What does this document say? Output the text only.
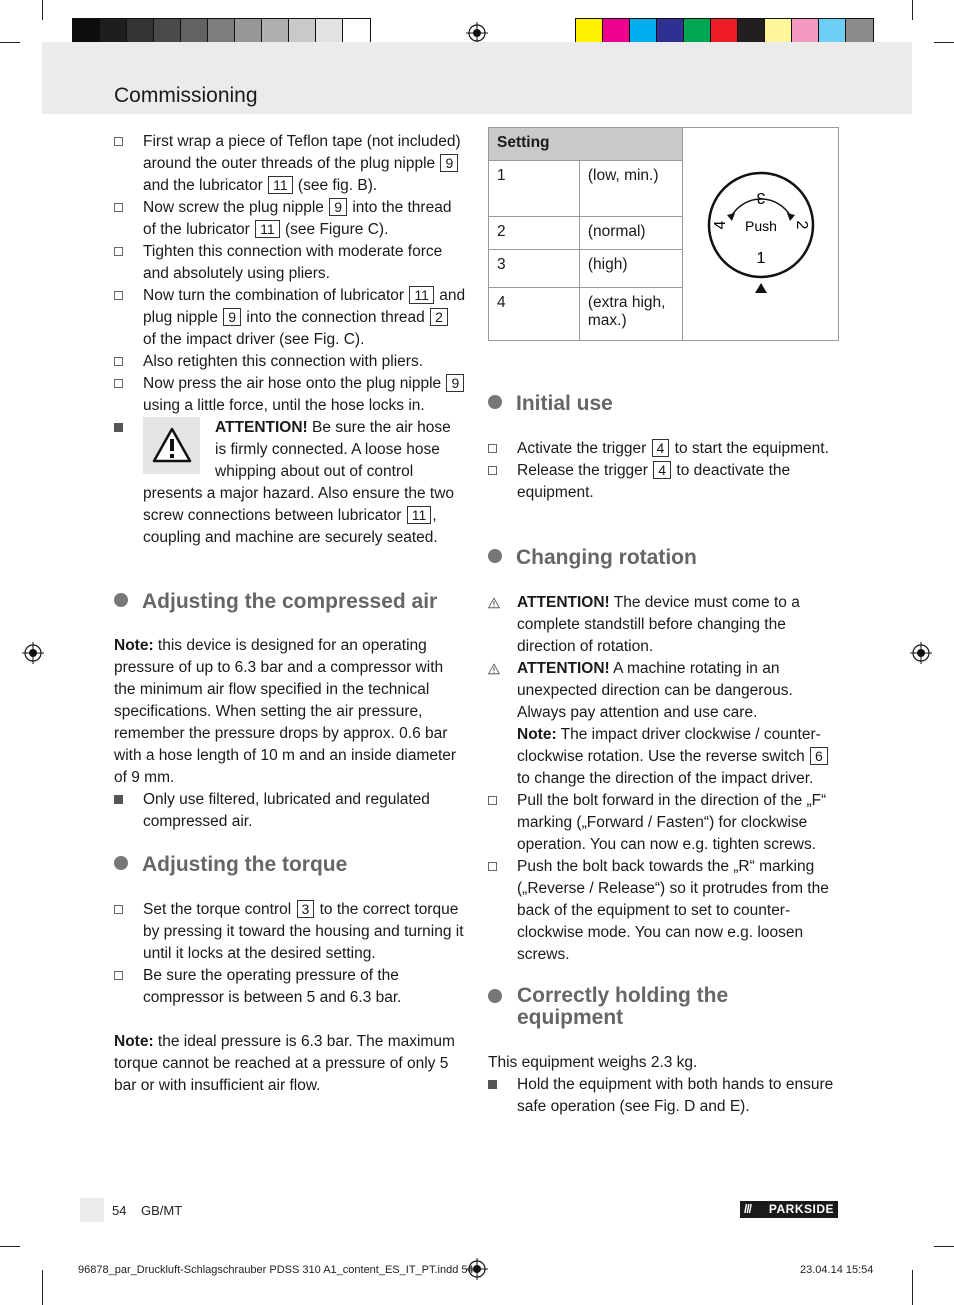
Commissioning
First wrap a piece of Teflon tape (not included) around the outer threads of the plug nipple 9 and the lubricator 11 (see fig. B).
Now screw the plug nipple 9 into the thread of the lubricator 11 (see Figure C).
Tighten this connection with moderate force and absolutely using pliers.
Now turn the combination of lubricator 11 and plug nipple 9 into the connection thread 2 of the impact driver (see Fig. C).
Also retighten this connection with pliers.
Now press the air hose onto the plug nipple 9 using a little force, until the hose locks in.
ATTENTION! Be sure the air hose is firmly connected. A loose hose whipping about out of control presents a major hazard. Also ensure the two screw connections between lubricator 11 , coupling and machine are securely seated.
Adjusting the compressed air

Note: this device is designed for an operating pressure of up to 6.3 bar and a compressor with the minimum air flow specified in the technical specifications. When setting the air pressure, remember the pressure drops by approx. 0.6 bar with a hose length of 10 m and an inside diameter of 9 mm.

Only use filtered, lubricated and regulated compressed air.
Adjusting the torque
Set the torque control 3 to the correct torque by pressing it toward the housing and turning it until it locks at the desired setting.
Be sure the operating pressure of the compressor is between 5 and 6.3 bar.

Note: the ideal pressure is 6.3 bar. The maximum torque cannot be reached at a pressure of only 5 bar or with insufficient air flow.

Setting		Push
1
2
3
4

1	(low, min.)	
2	(normal)	
3	(high)	
4	(extra high, max.)	
Initial use
Activate the trigger 4 to start the equipment.
Release the trigger 4 to deactivate the equipment.
Changing rotation
ATTENTION! The device must come to a complete standstill before changing the direction of rotation.
ATTENTION! A machine rotating in an unexpected direction can be dangerous. Always pay attention and use care.
Note: The impact driver clockwise / counter-clockwise rotation. Use the reverse switch 6 to change the direction of the impact driver.
Pull the bolt forward in the direction of the „F“ marking („Forward / Fasten“) for clockwise operation. You can now e.g. tighten screws.
Push the bolt back towards the „R“ marking („Reverse / Release“) so it protrudes from the back of the equipment to set to counter-clockwise mode. You can now e.g. loosen screws.
Correctly holding the equipment

This equipment weighs 2.3 kg.

Hold the equipment with both hands to ensure safe operation (see Fig. D and E).
54 GB/MT	/// PARKSIDE
96878_par_Druckluft-Schlagschrauber PDSS 310 A1_content_ES_IT_PT.indd 54	23.04.14 15:54
